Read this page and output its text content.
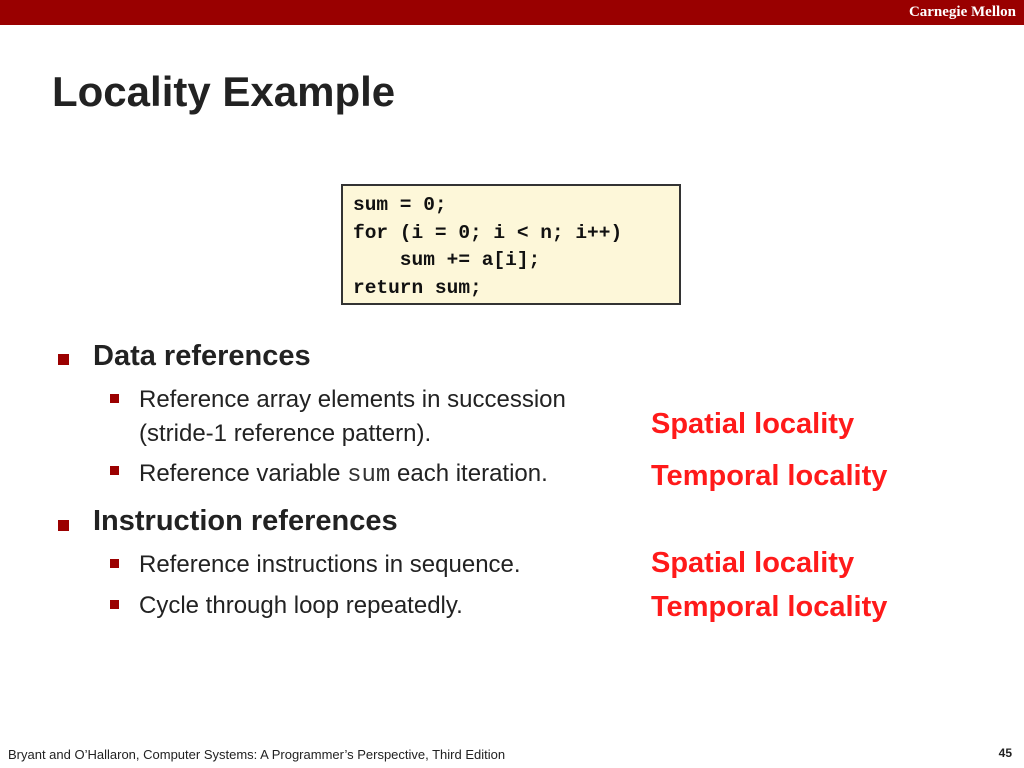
Carnegie Mellon
Locality Example
sum = 0;
for (i = 0; i < n; i++)
sum += a[i];
return sum;
Data references
Reference array elements in succession
(stride-1 reference pattern).
Reference variable sum each iteration.
Instruction references
Reference instructions in sequence.
Cycle through loop repeatedly.
Spatial locality
Temporal locality
Spatial locality
Temporal locality
Bryant and O’Hallaron, Computer Systems: A Programmer’s Perspective, Third Edition	45
